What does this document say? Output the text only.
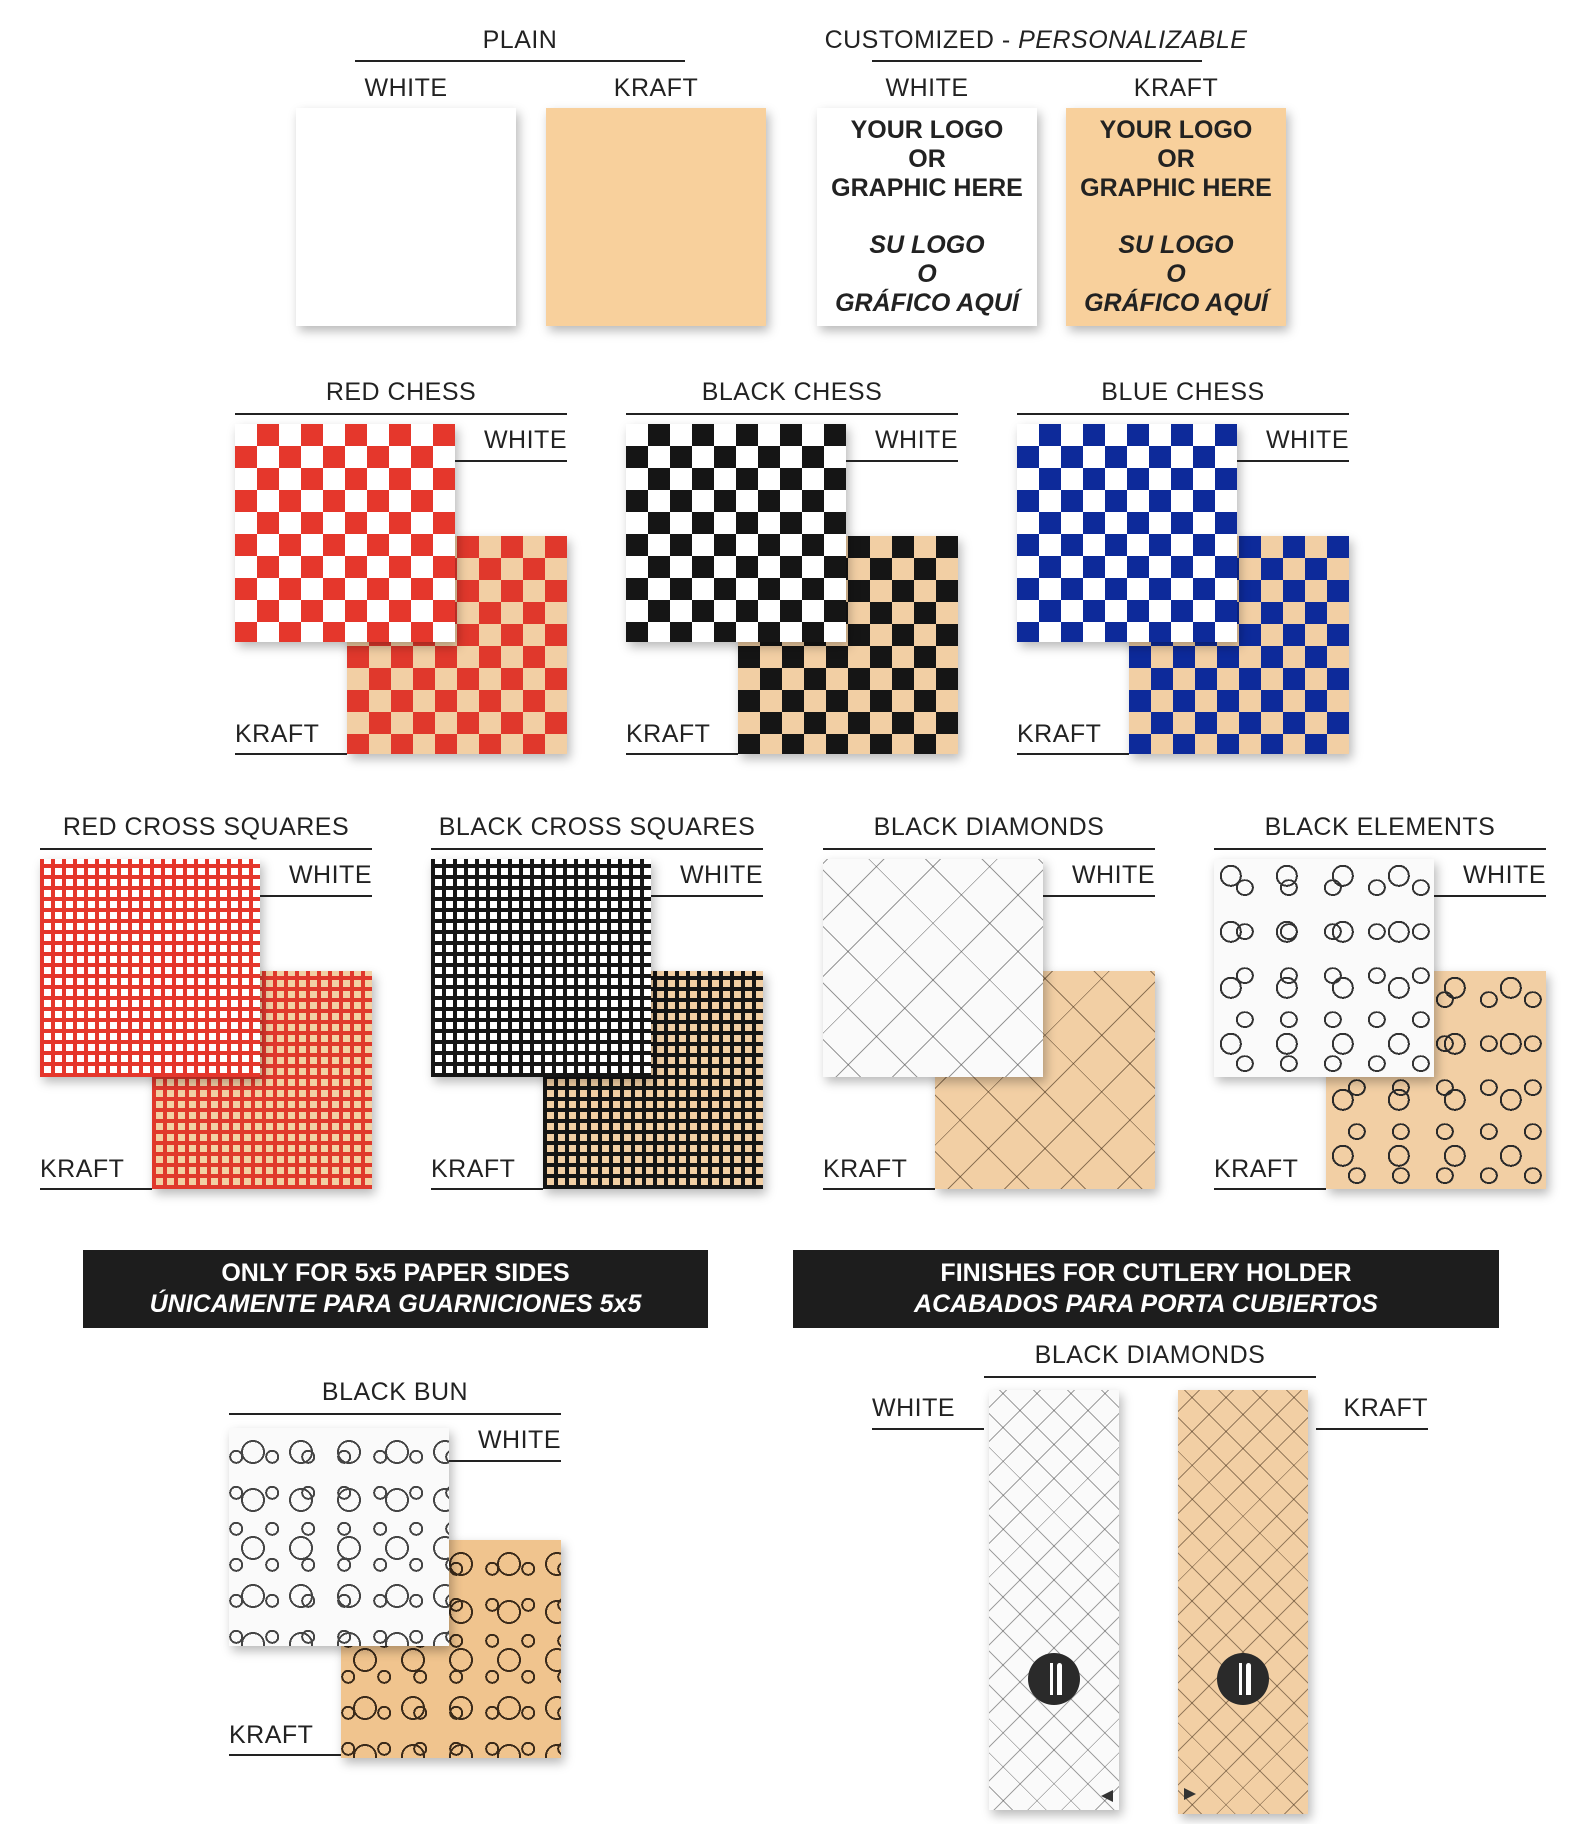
PLAIN
WHITE	KRAFT
CUSTOMIZED - PERSONALIZABLE
WHITE	KRAFT
YOUR LOGO
OR
GRAPHIC HERE
SU LOGO
O
GRÁFICO AQUÍ
YOUR LOGO
OR
GRAPHIC HERE
SU LOGO
O
GRÁFICO AQUÍ
RED CHESS
WHITE
KRAFT
BLACK CHESS
WHITE
KRAFT
BLUE CHESS
WHITE
KRAFT
RED CROSS SQUARES
WHITE
KRAFT
BLACK CROSS SQUARES
WHITE
KRAFT
BLACK DIAMONDS
WHITE
KRAFT
BLACK ELEMENTS
WHITE
KRAFT
ONLY FOR 5x5 PAPER SIDES
ÚNICAMENTE PARA GUARNICIONES 5x5
FINISHES FOR CUTLERY HOLDER
ACABADOS PARA PORTA CUBIERTOS
BLACK BUN
WHITE
KRAFT
BLACK DIAMONDS
WHITE	KRAFT
